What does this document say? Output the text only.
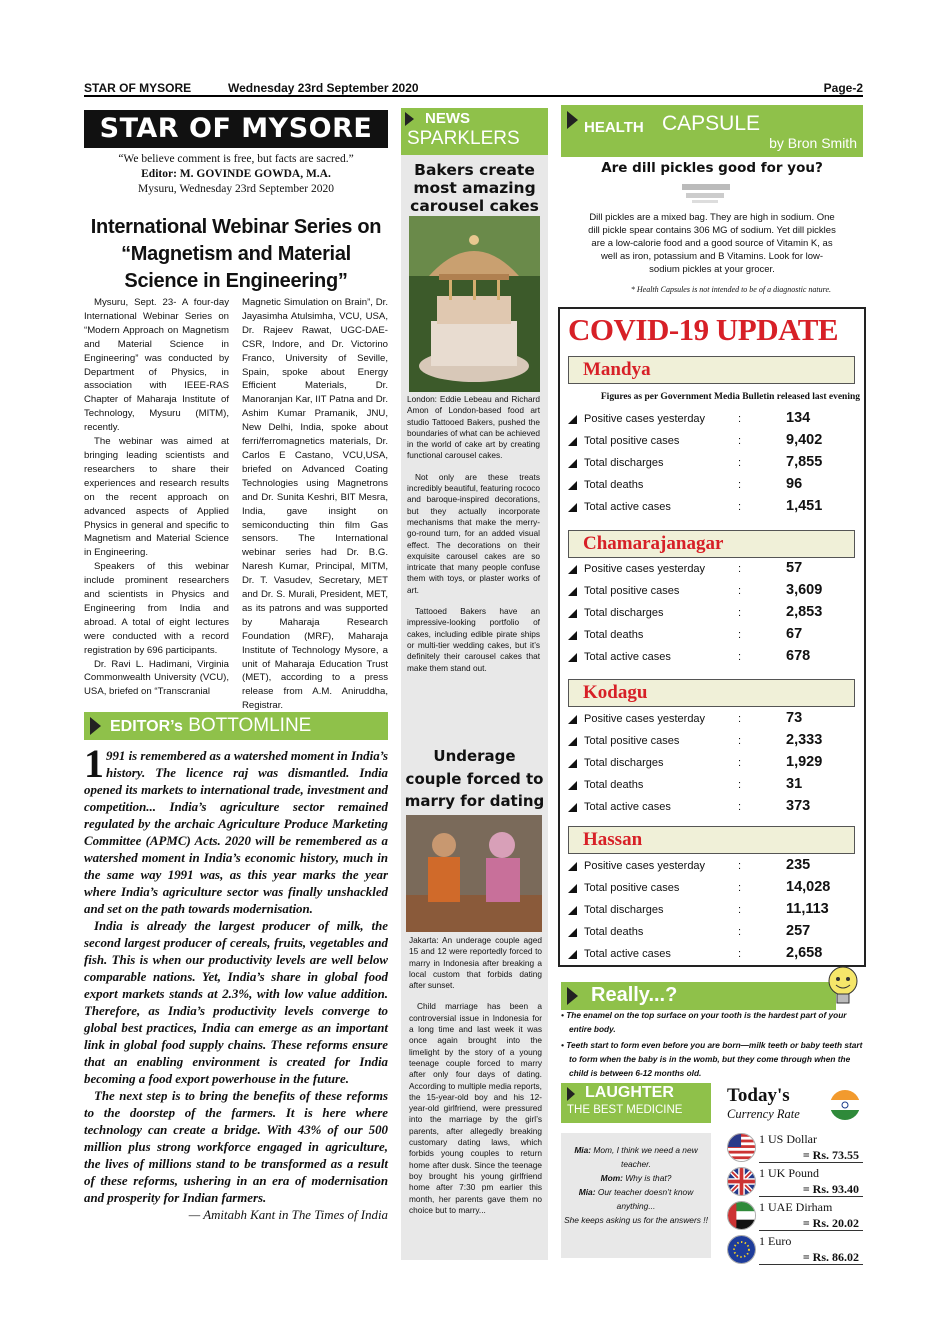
STAR OF MYSORE	Wednesday 23rd September 2020	Page-2
STAR OF MYSORE
“We believe comment is free, but facts are sacred.”
Editor: M. GOVINDE GOWDA, M.A.
Mysuru, Wednesday 23rd September 2020
International Webinar Series on “Magnetism and Material Science in Engineering”

Mysuru, Sept. 23- A four-day International Webinar Series on “Modern Approach on Magnetism and Material Science in Engineering” was conducted by Department of Physics, in association with IEEE-RAS Chapter of Maharaja Institute of Technology, Mysuru (MITM), recently.

The webinar was aimed at bringing leading scientists and researchers to share their experiences and research results on the recent approach on advanced aspects of Applied Physics in general and specific to Magnetism and Material Science in Engineering.

Speakers of this webinar include prominent researchers and scientists in Physics and Engineering from India and abroad. A total of eight lectures were conducted with a record registration by 696 participants.

Dr. Ravi L. Hadimani, Virginia Commonwealth University (VCU), USA, briefed on “Transcranial

Magnetic Simulation on Brain”, Dr. Jayasimha Atulsimha, VCU, USA, Dr. Rajeev Rawat, UGC-DAE-CSR, Indore, and Dr. Victorino Franco, University of Seville, Spain, spoke about Energy Efficient Materials, Dr. Manoranjan Kar, IIT Patna and Dr. Ashim Kumar Pramanik, JNU, New Delhi, India, spoke about ferri/ferromagnetics materials, Dr. Carlos E Castano, VCU,USA, briefed on Advanced Coating Technologies using Magnetrons and Dr. Sunita Keshri, BIT Mesra, India, gave insight on semiconducting thin film Gas sensors. The International webinar series had Dr. B.G. Naresh Kumar, Principal, MITM, Dr. T. Vasudev, Secretary, MET and Dr. S. Murali, President, MET, as its patrons and was supported by Maharaja Research Foundation (MRF), Maharaja Institute of Technology Mysore, a unit of Maharaja Education Trust (MET), according to a press release from A.M. Aniruddha, Registrar.

EDITOR’s BOTTOMLINE

1 991 is remembered as a watershed moment in India’s history. The licence raj was dismantled. India opened its markets to international trade, investment and competition... India’s agriculture sector remained regulated by the archaic Agriculture Produce Marketing Committee (APMC) Acts. 2020 will be remembered as a watershed moment in India’s economic history, much in the same way 1991 was, as this year marks the year where India’s agriculture sector was finally unshackled and set on the path towards modernisation.

India is already the largest producer of milk, the second largest producer of cereals, fruits, vegetables and fish. This is when our productivity levels are well below comparable nations. Yet, India’s share in global food export markets stands at 2.3%, with low value addition. Therefore, as India’s productivity levels converge to global best practices, India can emerge as an important link in global food supply chains. These reforms ensure that an enabling environment is created for India becoming a food export powerhouse in the future.

The next step is to bring the benefits of these reforms to the doorstep of the farmers. It is here where technology can create a bridge. With 43% of our 500 million plus strong workforce engaged in agriculture, the lives of millions stand to be transformed as a result of these reforms, ushering in an era of modernisation and prosperity for Indian farmers.

— Amitabh Kant in The Times of India

NEWS
SPARKLERS
Bakers create most amazing carousel cakes

London: Eddie Lebeau and Richard Amon of London-based food art studio Tattooed Bakers, pushed the boundaries of what can be achieved in the world of cake art by creating functional carousel cakes.

Not only are these treats incredibly beautiful, featuring rococo and baroque-inspired decorations, but they actually incorporate mechanisms that make the merry-go-round turn, for an added visual effect. The decorations on their exquisite carousel cakes are so intricate that many people confuse them with toys, or plaster works of art.

Tattooed Bakers have an impressive-looking portfolio of cakes, including edible pirate ships or multi-tier wedding cakes, but it’s definitely their carousel cakes that make them stand out.

Underage couple forced to marry for dating

Jakarta: An underage couple aged 15 and 12 were reportedly forced to marry in Indonesia after breaking a local custom that forbids dating after sunset.

Child marriage has been a controversial issue in Indonesia for a long time and last week it was once again brought into the limelight by the story of a young teenage couple forced to marry after only four days of dating. According to multiple media reports, the 15-year-old boy and his 12-year-old girlfriend, were pressured into the marriage by the girl’s parents, after allegedly breaking customary dating laws, which forbids young couples to return home after dusk. Since the teenage boy brought his young girlfriend home after 7:30 pm earlier this month, her parents gave them no choice but to marry...

HEALTH CAPSULE
by Bron Smith
Are dill pickles good for you?
Dill pickles are a mixed bag. They are high in sodium. One dill pickle spear contains 306 MG of sodium. Yet dill pickles are a low-calorie food and a good source of Vitamin K, as well as iron, potassium and B Vitamins. Look for low-sodium pickles at your grocer.
* Health Capsules is not intended to be of a diagnostic nature.
COVID-19 UPDATE
Figures as per Government Media Bulletin released last evening
Mandya
Positive cases yesterday	:	134
Total positive cases	:	9,402
Total discharges	:	7,855
Total deaths	:	96
Total active cases	:	1,451
Chamarajanagar
Positive cases yesterday	:	57
Total positive cases	:	3,609
Total discharges	:	2,853
Total deaths	:	67
Total active cases	:	678
Kodagu
Positive cases yesterday	:	73
Total positive cases	:	2,333
Total discharges	:	1,929
Total deaths	:	31
Total active cases	:	373
Hassan
Positive cases yesterday	:	235
Total positive cases	:	14,028
Total discharges	:	11,113
Total deaths	:	257
Total active cases	:	2,658
Really...?
• The enamel on the top surface on your tooth is the hardest part of your entire body.
• Teeth start to form even before you are born—milk teeth or baby teeth start to form when the baby is in the womb, but they come through when the child is between 6-12 months old.
LAUGHTER
THE BEST MEDICINE
Mia: Mom, I think we need a new teacher.
Mom: Why is that?
Mia: Our teacher doesn’t know anything...
She keeps asking us for the answers !!
Today's
Currency Rate
1 US Dollar
= Rs. 73.55
1 UK Pound
= Rs. 93.40
1 UAE Dirham
= Rs. 20.02
1 Euro
= Rs. 86.02
